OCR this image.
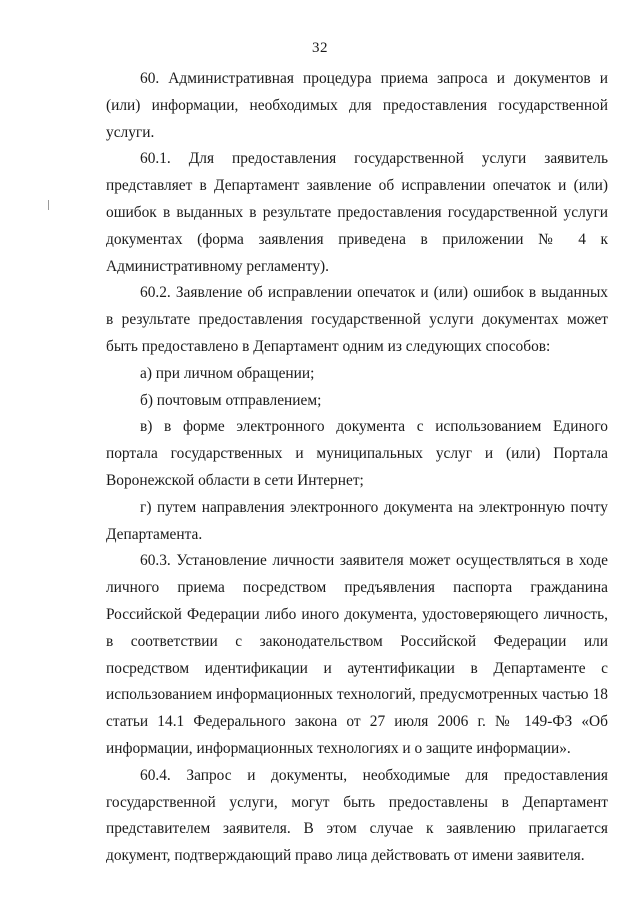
32

60. Административная процедура приема запроса и документов и (или) информации, необходимых для предоставления государственной услуги.

60.1. Для предоставления государственной услуги заявитель представляет в Департамент заявление об исправлении опечаток и (или) ошибок в выданных в результате предоставления государственной услуги документах (форма заявления приведена в приложении № 4 к Административному регламенту).

60.2. Заявление об исправлении опечаток и (или) ошибок в выданных в результате предоставления государственной услуги документах может быть предоставлено в Департамент одним из следующих способов:

а) при личном обращении;

б) почтовым отправлением;

в) в форме электронного документа с использованием Единого портала государственных и муниципальных услуг и (или) Портала Воронежской области в сети Интернет;

г) путем направления электронного документа на электронную почту Департамента.

60.3. Установление личности заявителя может осуществляться в ходе личного приема посредством предъявления паспорта гражданина Российской Федерации либо иного документа, удостоверяющего личность, в соответствии с законодательством Российской Федерации или посредством идентификации и аутентификации в Департаменте с использованием информационных технологий, предусмотренных частью 18 статьи 14.1 Федерального закона от 27 июля 2006 г. № 149-ФЗ «Об информации, информационных технологиях и о защите информации».

60.4. Запрос и документы, необходимые для предоставления государственной услуги, могут быть предоставлены в Департамент представителем заявителя. В этом случае к заявлению прилагается документ, подтверждающий право лица действовать от имени заявителя.
